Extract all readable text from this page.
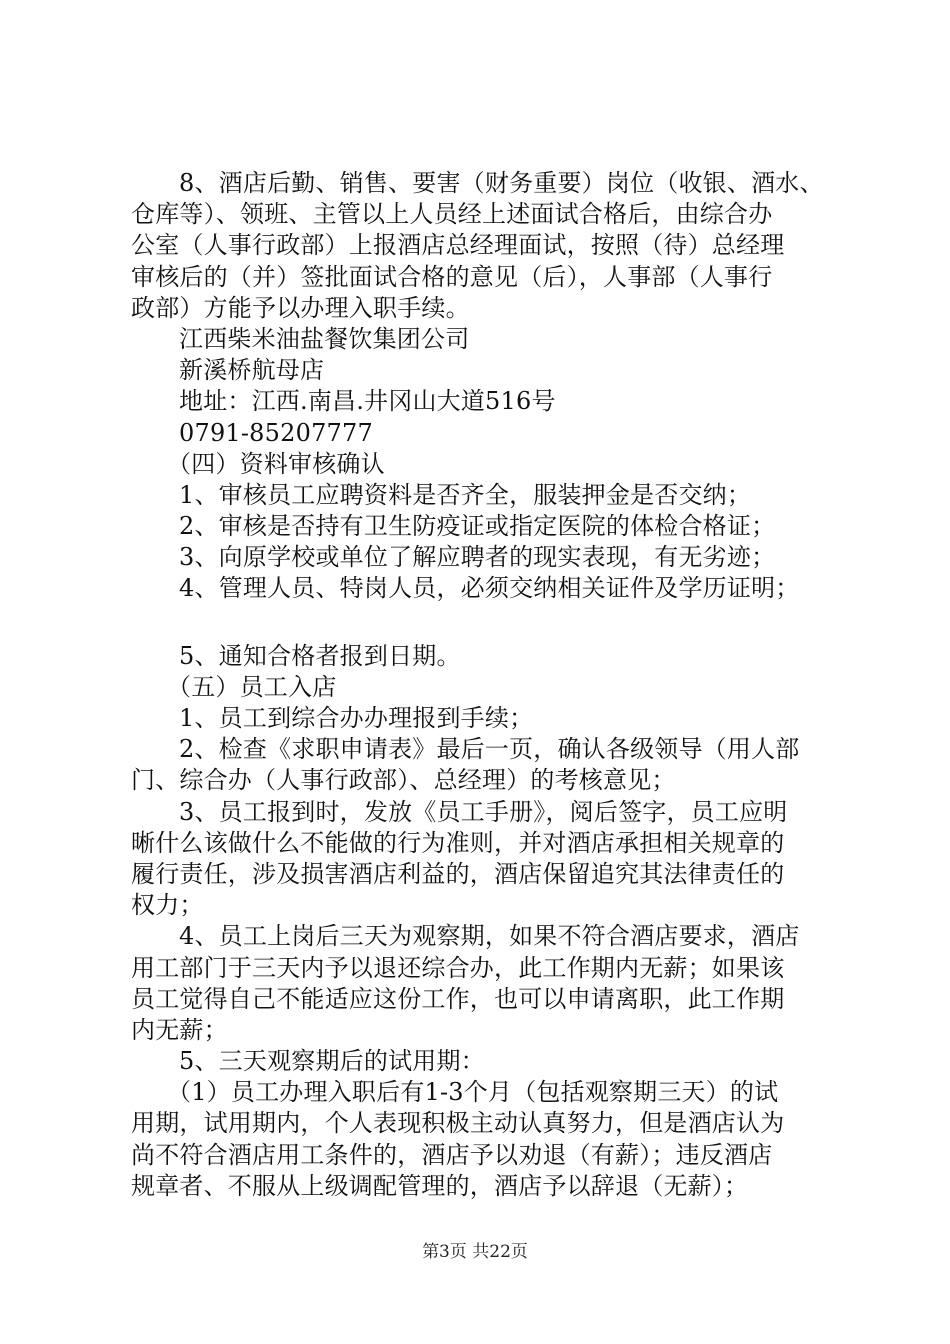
8、酒店后勤、销售、要害（财务重要）岗位（收银、酒水、
仓库等）、领班、主管以上人员经上述面试合格后，由综合办
公室（人事行政部）上报酒店总经理面试，按照（待）总经理
审核后的（并）签批面试合格的意见（后），人事部（人事行
政部）方能予以办理入职手续。
江西柴米油盐餐饮集团公司
新溪桥航母店
地址：江西.南昌.井冈山大道516号
0791-85207777
（四）资料审核确认
1、审核员工应聘资料是否齐全，服装押金是否交纳；
2、审核是否持有卫生防疫证或指定医院的体检合格证；
3、向原学校或单位了解应聘者的现实表现，有无劣迹；
4、管理人员、特岗人员，必须交纳相关证件及学历证明；
5、通知合格者报到日期。
（五）员工入店
1、员工到综合办办理报到手续；
2、检查《求职申请表》最后一页，确认各级领导（用人部
门、综合办（人事行政部）、总经理）的考核意见；
3、员工报到时，发放《员工手册》，阅后签字，员工应明
晰什么该做什么不能做的行为准则，并对酒店承担相关规章的
履行责任，涉及损害酒店利益的，酒店保留追究其法律责任的
权力；
4、员工上岗后三天为观察期，如果不符合酒店要求，酒店
用工部门于三天内予以退还综合办，此工作期内无薪；如果该
员工觉得自己不能适应这份工作，也可以申请离职，此工作期
内无薪；
5、三天观察期后的试用期：
（1）员工办理入职后有1-3个月（包括观察期三天）的试
用期，试用期内，个人表现积极主动认真努力，但是酒店认为
尚不符合酒店用工条件的，酒店予以劝退（有薪）；违反酒店
规章者、不服从上级调配管理的，酒店予以辞退（无薪）；
第3页 共22页
